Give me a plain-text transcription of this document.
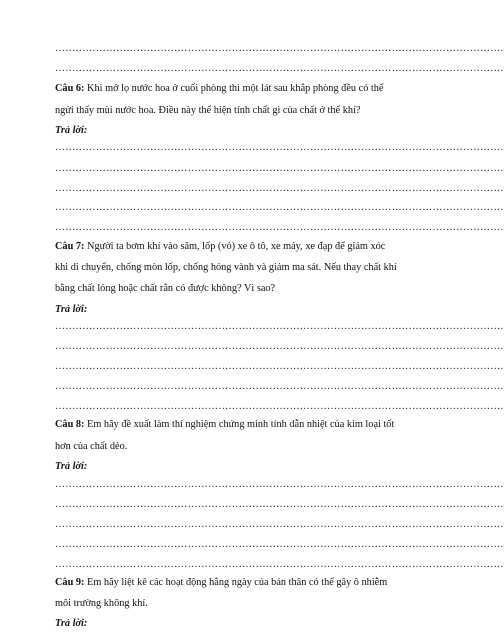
……………………………………………………………………………………………………………………
……………………………………………………………………………………………………………………
Câu 6: Khi mở lọ nước hoa ở cuối phòng thì một lát sau khắp phòng đều có thể
ngửi thấy mùi nước hoa. Điều này thể hiện tính chất gì của chất ở thể khí?
Trả lời:
……………………………………………………………………………………………………………………
……………………………………………………………………………………………………………………
……………………………………………………………………………………………………………………
……………………………………………………………………………………………………………………
……………………………………………………………………………………………………………………
Câu 7: Người ta bơm khí vào săm, lốp (vỏ) xe ô tô, xe máy, xe đạp để giảm xóc
khi di chuyển, chống mòn lốp, chống hỏng vành và giảm ma sát. Nếu thay chất khí
bằng chất lỏng hoặc chất rắn có được không? Vì sao?
Trả lời:
……………………………………………………………………………………………………………………
……………………………………………………………………………………………………………………
……………………………………………………………………………………………………………………
……………………………………………………………………………………………………………………
……………………………………………………………………………………………………………………
Câu 8: Em hãy đề xuất làm thí nghiệm chứng minh tính dẫn nhiệt của kim loại tốt
hơn của chất dẻo.
Trả lời:
……………………………………………………………………………………………………………………
……………………………………………………………………………………………………………………
……………………………………………………………………………………………………………………
……………………………………………………………………………………………………………………
……………………………………………………………………………………………………………………
Câu 9: Em hãy liệt kê các hoạt động hằng ngày của bản thân có thể gây ô nhiễm
môi trường không khí.
Trả lời:
